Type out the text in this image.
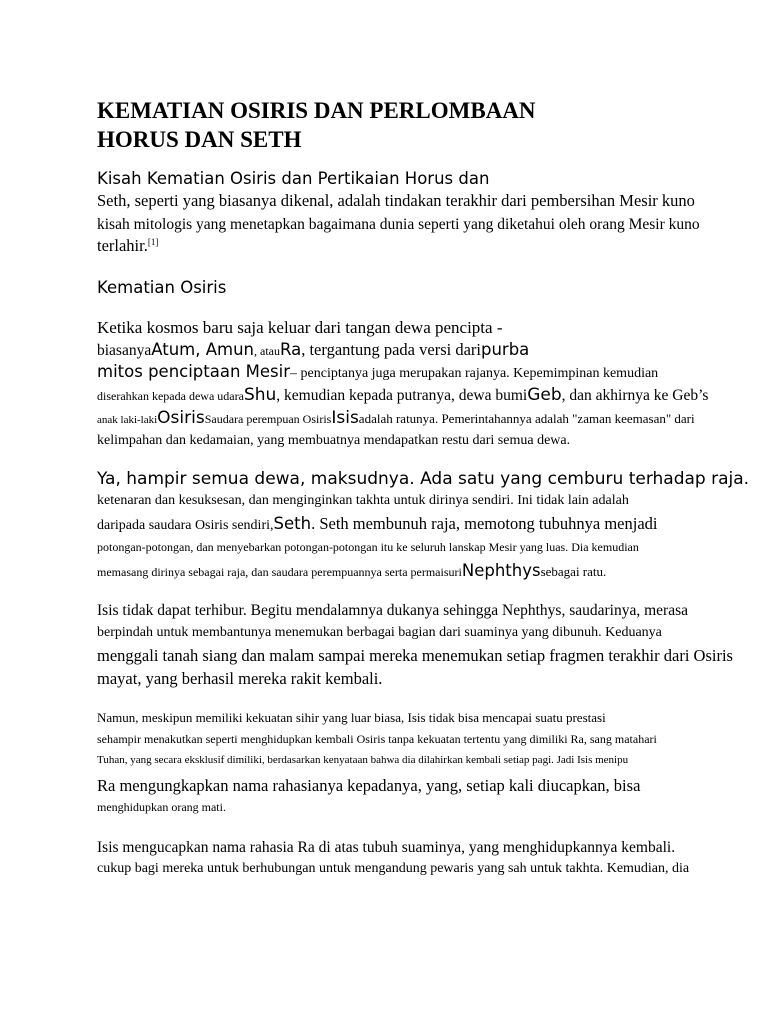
KEMATIAN OSIRIS DAN PERLOMBAAN
HORUS DAN SETH
Kisah Kematian Osiris dan Pertikaian Horus dan
Seth, seperti yang biasanya dikenal, adalah tindakan terakhir dari pembersihan Mesir kuno
kisah mitologis yang menetapkan bagaimana dunia seperti yang diketahui oleh orang Mesir kuno
terlahir.[1]
Kematian Osiris
Ketika kosmos baru saja keluar dari tangan dewa pencipta -
biasanyaAtum, Amun, atauRa, tergantung pada versi daripurba
mitos penciptaan Mesir– penciptanya juga merupakan rajanya. Kepemimpinan kemudian
diserahkan kepada dewa udaraShu, kemudian kepada putranya, dewa bumiGeb, dan akhirnya ke Geb’s
anak laki-lakiOsirisSaudara perempuan OsirisIsisadalah ratunya. Pemerintahannya adalah "zaman keemasan" dari
kelimpahan dan kedamaian, yang membuatnya mendapatkan restu dari semua dewa.
Ya, hampir semua dewa, maksudnya. Ada satu yang cemburu terhadap raja.
ketenaran dan kesuksesan, dan menginginkan takhta untuk dirinya sendiri. Ini tidak lain adalah
daripada saudara Osiris sendiri,Seth. Seth membunuh raja, memotong tubuhnya menjadi
potongan-potongan, dan menyebarkan potongan-potongan itu ke seluruh lanskap Mesir yang luas. Dia kemudian
memasang dirinya sebagai raja, dan saudara perempuannya serta permaisuriNephthyssebagai ratu.
Isis tidak dapat terhibur. Begitu mendalamnya dukanya sehingga Nephthys, saudarinya, merasa
berpindah untuk membantunya menemukan berbagai bagian dari suaminya yang dibunuh. Keduanya
menggali tanah siang dan malam sampai mereka menemukan setiap fragmen terakhir dari Osiris
mayat, yang berhasil mereka rakit kembali.
Namun, meskipun memiliki kekuatan sihir yang luar biasa, Isis tidak bisa mencapai suatu prestasi
sehampir menakutkan seperti menghidupkan kembali Osiris tanpa kekuatan tertentu yang dimiliki Ra, sang matahari
Tuhan, yang secara eksklusif dimiliki, berdasarkan kenyataan bahwa dia dilahirkan kembali setiap pagi. Jadi Isis menipu
Ra mengungkapkan nama rahasianya kepadanya, yang, setiap kali diucapkan, bisa
menghidupkan orang mati.
Isis mengucapkan nama rahasia Ra di atas tubuh suaminya, yang menghidupkannya kembali.
cukup bagi mereka untuk berhubungan untuk mengandung pewaris yang sah untuk takhta. Kemudian, dia
